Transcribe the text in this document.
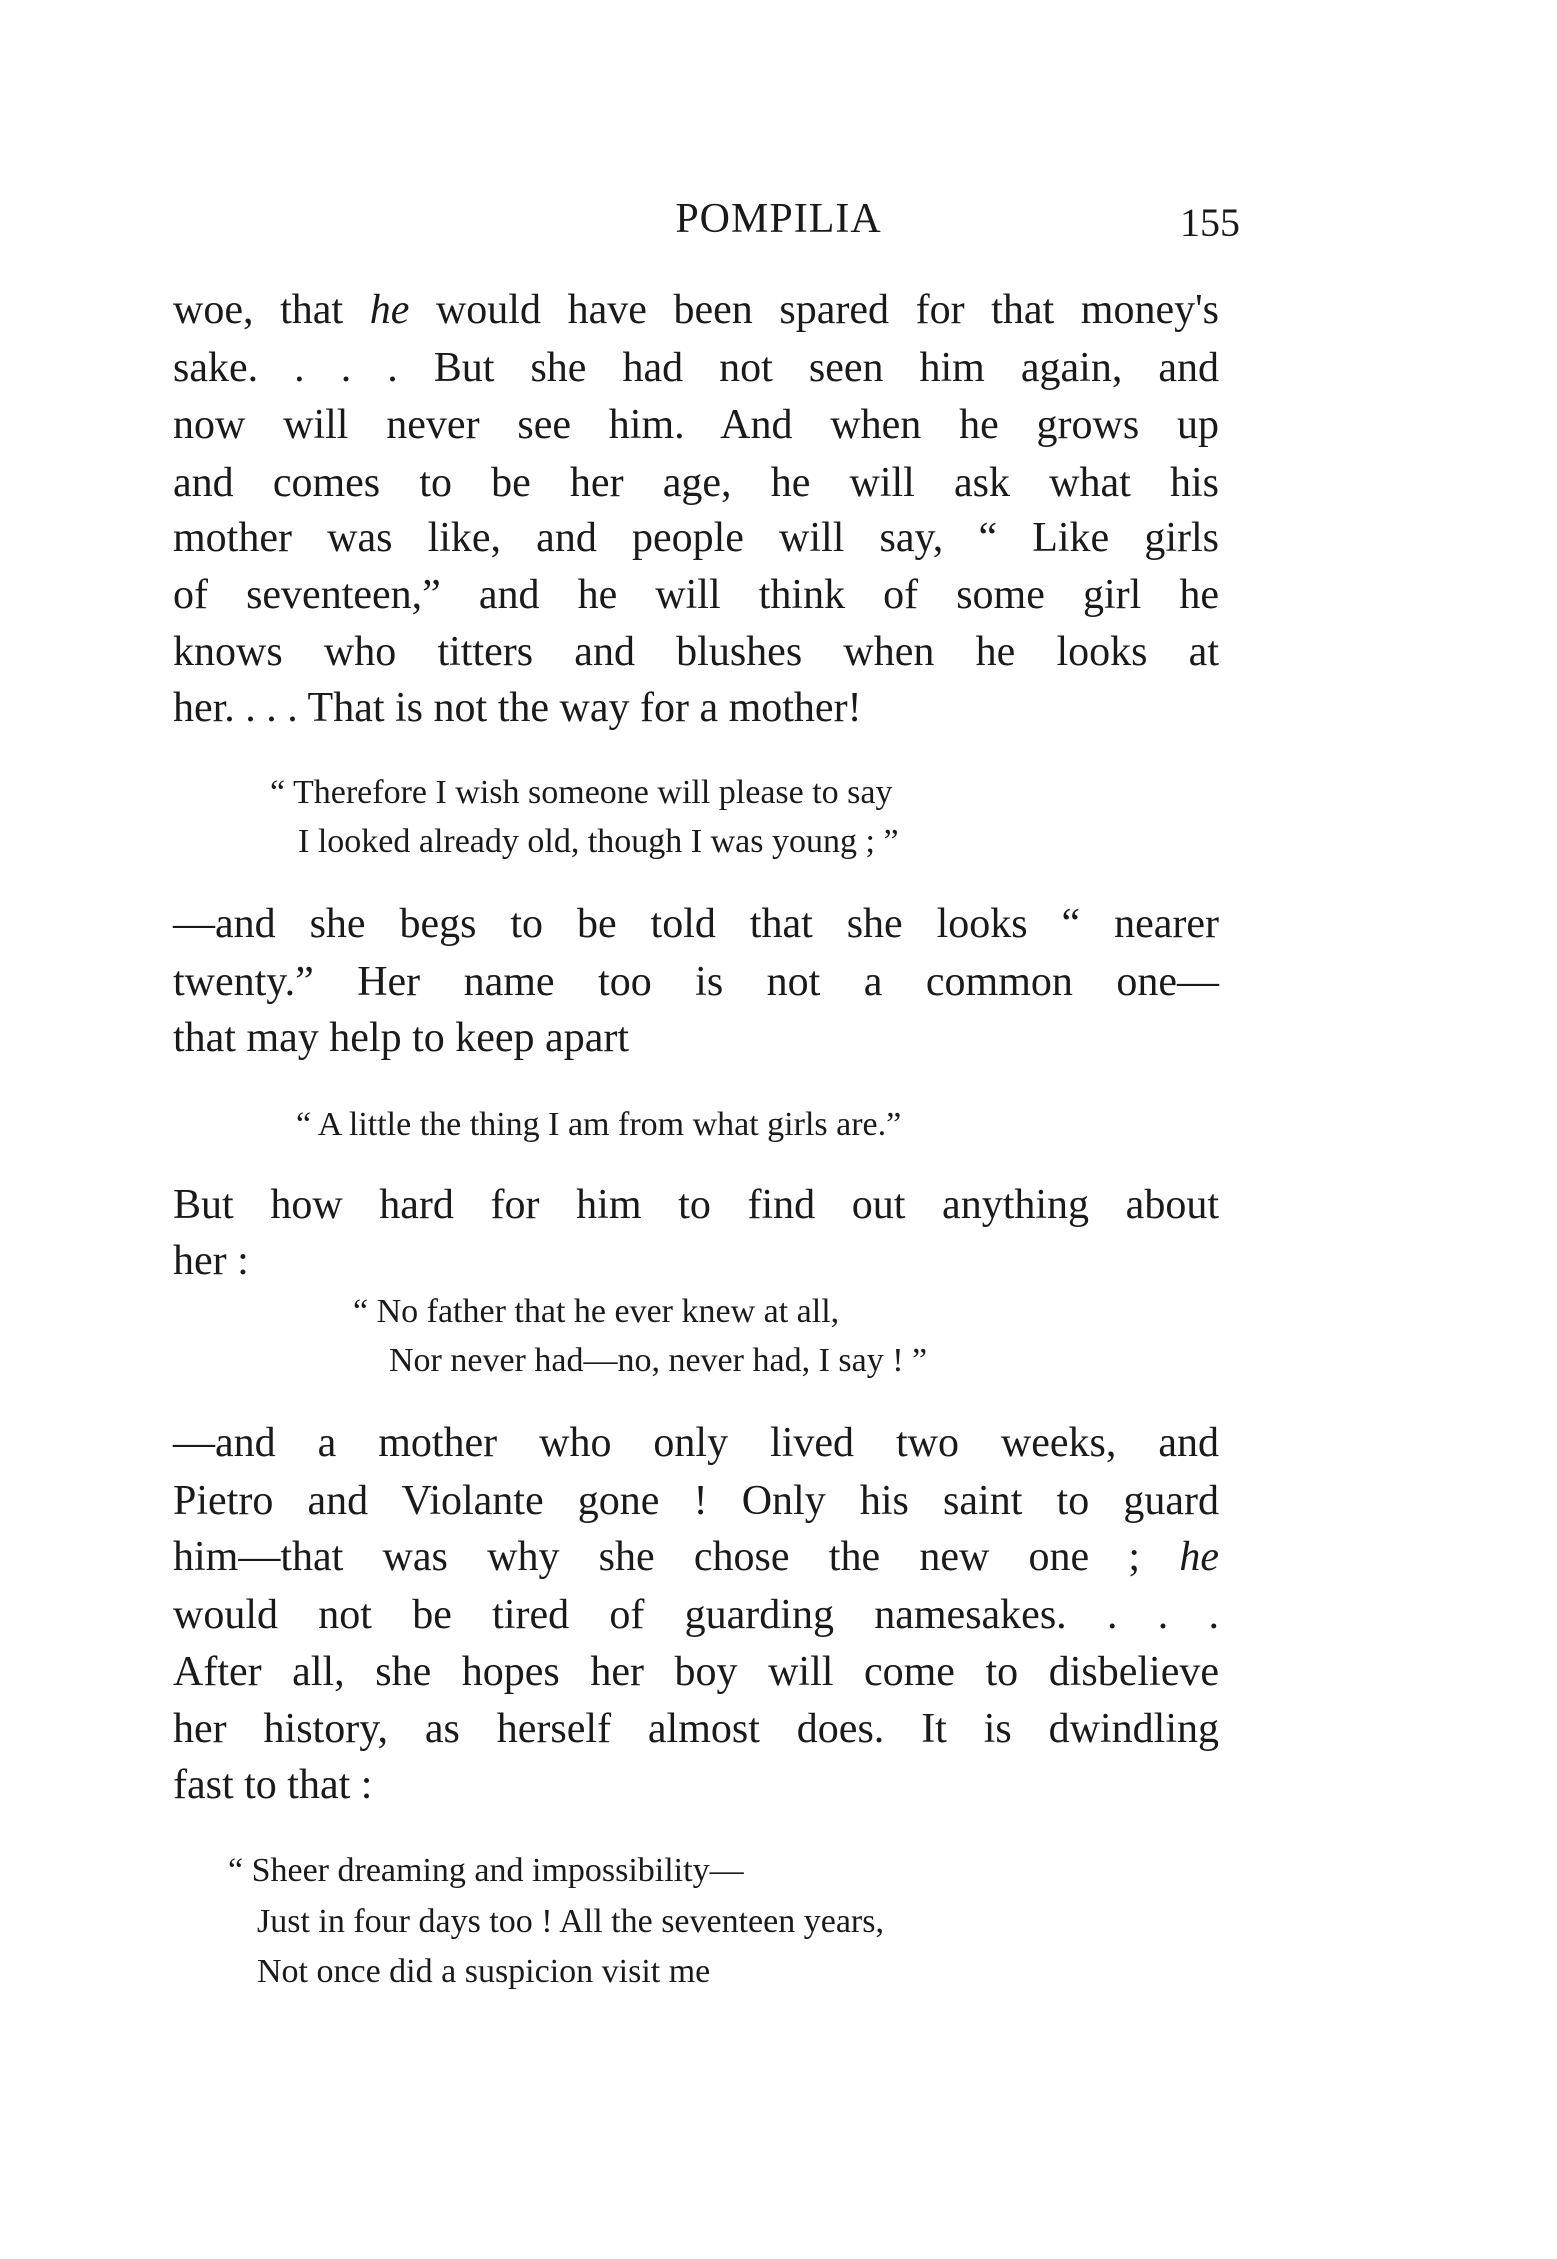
POMPILIA	155
woe, that he would have been spared for that money's
sake. . . . But she had not seen him again, and
now will never see him. And when he grows up
and comes to be her age, he will ask what his
mother was like, and people will say, “ Like girls
of seventeen,” and he will think of some girl he
knows who titters and blushes when he looks at
her. . . . That is not the way for a mother!
“ Therefore I wish someone will please to say
I looked already old, though I was young ; ”
—and she begs to be told that she looks “ nearer
twenty.” Her name too is not a common one—
that may help to keep apart
“ A little the thing I am from what girls are.”
But how hard for him to find out anything about
her :
“ No father that he ever knew at all,
Nor never had—no, never had, I say ! ”
—and a mother who only lived two weeks, and
Pietro and Violante gone ! Only his saint to guard
him—that was why she chose the new one ; he
would not be tired of guarding namesakes. . . .
After all, she hopes her boy will come to disbelieve
her history, as herself almost does. It is dwindling
fast to that :
“ Sheer dreaming and impossibility—
Just in four days too ! All the seventeen years,
Not once did a suspicion visit me
